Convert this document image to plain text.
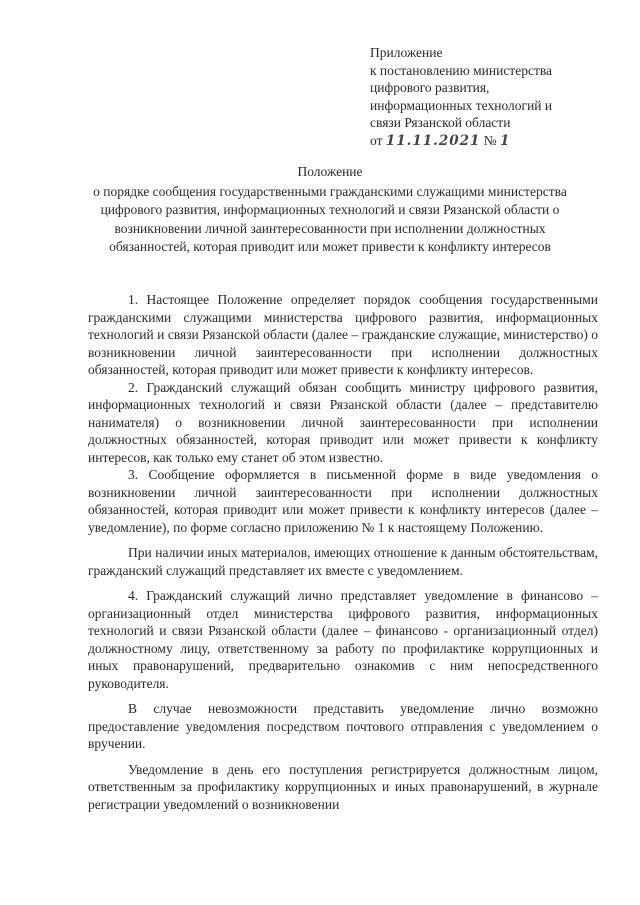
Приложение
к постановлению министерства
цифрового развития,
информационных технологий и
связи Рязанской области
от 11.11.2021 № 1
Положение
о порядке сообщения государственными гражданскими служащими министерства цифрового развития, информационных технологий и связи Рязанской области о возникновении личной заинтересованности при исполнении должностных обязанностей, которая приводит или может привести к конфликту интересов

1. Настоящее Положение определяет порядок сообщения государственными гражданскими служащими министерства цифрового развития, информационных технологий и связи Рязанской области (далее – гражданские служащие, министерство) о возникновении личной заинтересованности при исполнении должностных обязанностей, которая приводит или может привести к конфликту интересов.

2. Гражданский служащий обязан сообщить министру цифрового развития, информационных технологий и связи Рязанской области (далее – представителю нанимателя) о возникновении личной заинтересованности при исполнении должностных обязанностей, которая приводит или может привести к конфликту интересов, как только ему станет об этом известно.

3. Сообщение оформляется в письменной форме в виде уведомления о возникновении личной заинтересованности при исполнении должностных обязанностей, которая приводит или может привести к конфликту интересов (далее – уведомление), по форме согласно приложению № 1 к настоящему Положению.

При наличии иных материалов, имеющих отношение к данным обстоятельствам, гражданский служащий представляет их вместе с уведомлением.

4. Гражданский служащий лично представляет уведомление в финансово – организационный отдел министерства цифрового развития, информационных технологий и связи Рязанской области (далее – финансово - организационный отдел) должностному лицу, ответственному за работу по профилактике коррупционных и иных правонарушений, предварительно ознакомив с ним непосредственного руководителя.

В случае невозможности представить уведомление лично возможно предоставление уведомления посредством почтового отправления с уведомлением о вручении.

Уведомление в день его поступления регистрируется должностным лицом, ответственным за профилактику коррупционных и иных правонарушений, в журнале регистрации уведомлений о возникновении
